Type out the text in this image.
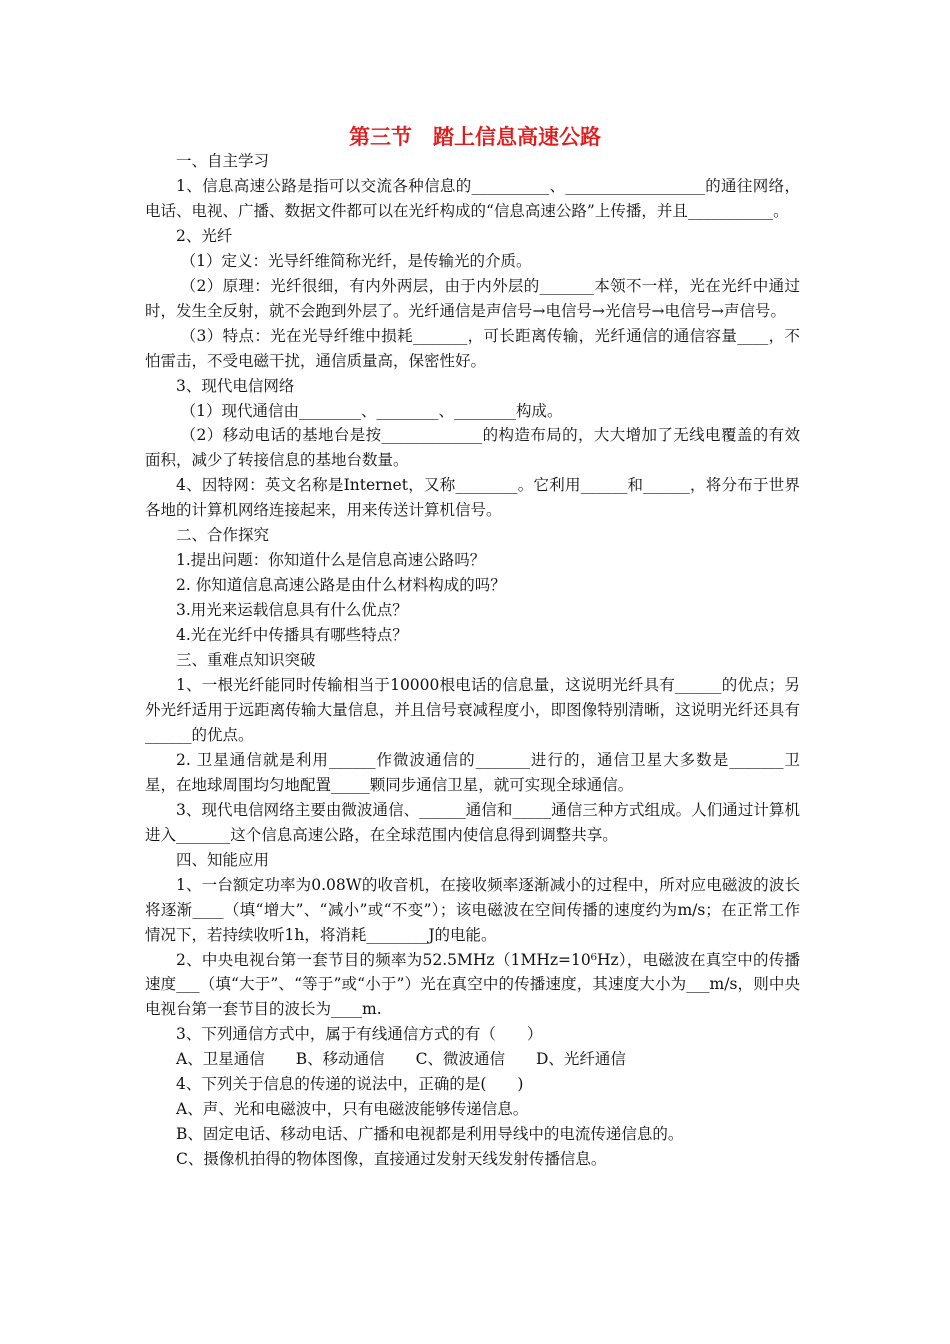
第三节　踏上信息高速公路

一、自主学习

1、信息高速公路是指可以交流各种信息的__________、__________________的通往网络，电话、电视、广播、数据文件都可以在光纤构成的“信息高速公路”上传播，并且___________。

2、光纤

（1）定义：光导纤维简称光纤，是传输光的介质。

（2）原理：光纤很细，有内外两层，由于内外层的_______本领不一样，光在光纤中通过时，发生全反射，就不会跑到外层了。光纤通信是声信号→电信号→光信号→电信号→声信号。

（3）特点：光在光导纤维中损耗_______，可长距离传输，光纤通信的通信容量____，不怕雷击，不受电磁干扰，通信质量高，保密性好。

3、现代电信网络

（1）现代通信由________、________、________构成。

（2）移动电话的基地台是按_____________的构造布局的，大大增加了无线电覆盖的有效面积，减少了转接信息的基地台数量。

4、因特网：英文名称是Internet，又称________。它利用______和______，将分布于世界各地的计算机网络连接起来，用来传送计算机信号。

二、合作探究

1.提出问题：你知道什么是信息高速公路吗？

2. 你知道信息高速公路是由什么材料构成的吗？

3.用光来运载信息具有什么优点？

4.光在光纤中传播具有哪些特点？

三、重难点知识突破

1、一根光纤能同时传输相当于10000根电话的信息量，这说明光纤具有______的优点；另外光纤适用于远距离传输大量信息，并且信号衰减程度小，即图像特别清晰，这说明光纤还具有______的优点。

2. 卫星通信就是利用______作微波通信的_______进行的，通信卫星大多数是_______卫星，在地球周围均匀地配置_____颗同步通信卫星，就可实现全球通信。

3、现代电信网络主要由微波通信、______通信和_____通信三种方式组成。人们通过计算机进入_______这个信息高速公路，在全球范围内使信息得到调整共享。

四、知能应用

1、一台额定功率为0.08W的收音机，在接收频率逐渐减小的过程中，所对应电磁波的波长将逐渐____（填“增大”、“减小”或“不变”）；该电磁波在空间传播的速度约为m/s；在正常工作情况下，若持续收听1h，将消耗________J的电能。

2、中央电视台第一套节目的频率为52.5MHz（1MHz=10⁶Hz），电磁波在真空中的传播速度___（填“大于”、“等于”或“小于”）光在真空中的传播速度，其速度大小为___m/s，则中央电视台第一套节目的波长为____m.

3、下列通信方式中，属于有线通信方式的有（　　）

A、卫星通信　　B、移动通信　　C、微波通信　　D、光纤通信

4、下列关于信息的传递的说法中，正确的是(　　)

A、声、光和电磁波中，只有电磁波能够传递信息。

B、固定电话、移动电话、广播和电视都是利用导线中的电流传递信息的。

C、摄像机拍得的物体图像，直接通过发射天线发射传播信息。
